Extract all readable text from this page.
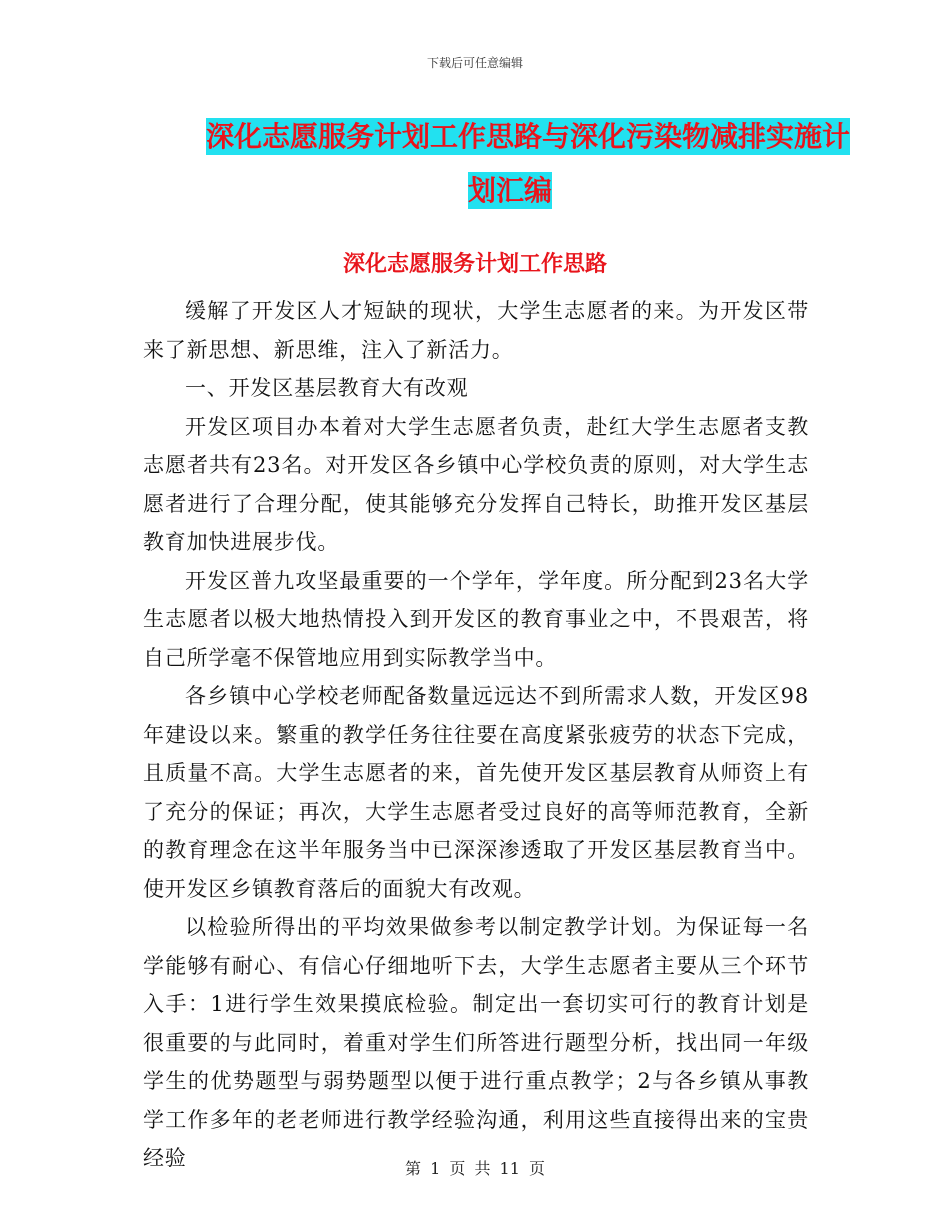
下载后可任意编辑
深化志愿服务计划工作思路与深化污染物减排实施计
划汇编
深化志愿服务计划工作思路

缓解了开发区人才短缺的现状，大学生志愿者的来。为开发区带来了新思想、新思维，注入了新活力。

一、开发区基层教育大有改观

开发区项目办本着对大学生志愿者负责，赴红大学生志愿者支教志愿者共有23名。对开发区各乡镇中心学校负责的原则，对大学生志愿者进行了合理分配，使其能够充分发挥自己特长，助推开发区基层教育加快进展步伐。

开发区普九攻坚最重要的一个学年，学年度。所分配到23名大学生志愿者以极大地热情投入到开发区的教育事业之中，不畏艰苦，将自己所学毫不保管地应用到实际教学当中。

各乡镇中心学校老师配备数量远远达不到所需求人数，开发区98年建设以来。繁重的教学任务往往要在高度紧张疲劳的状态下完成，且质量不高。大学生志愿者的来，首先使开发区基层教育从师资上有了充分的保证；再次，大学生志愿者受过良好的高等师范教育，全新的教育理念在这半年服务当中已深深渗透取了开发区基层教育当中。使开发区乡镇教育落后的面貌大有改观。

以检验所得出的平均效果做参考以制定教学计划。为保证每一名学能够有耐心、有信心仔细地听下去，大学生志愿者主要从三个环节入手：1进行学生效果摸底检验。制定出一套切实可行的教育计划是很重要的与此同时，着重对学生们所答进行题型分析，找出同一年级学生的优势题型与弱势题型以便于进行重点教学；2与各乡镇从事教学工作多年的老老师进行教学经验沟通，利用这些直接得出来的宝贵经验	第 1 页 共 11 页
